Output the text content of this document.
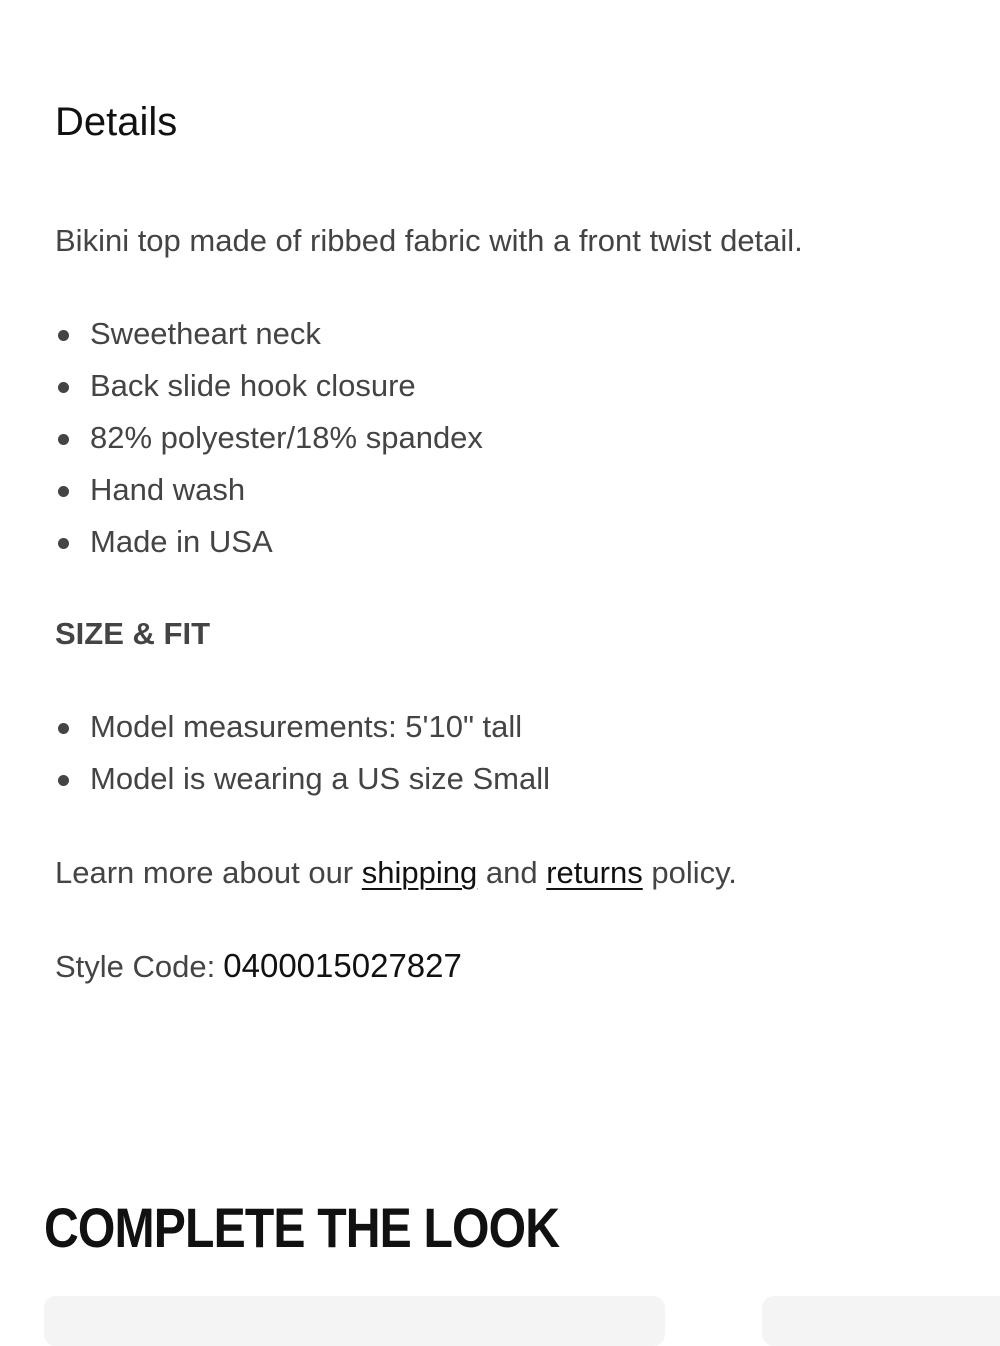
Details

Bikini top made of ribbed fabric with a front twist detail.

Sweetheart neck
Back slide hook closure
82% polyester/18% spandex
Hand wash
Made in USA
SIZE & FIT
Model measurements: 5'10" tall
Model is wearing a US size Small

Learn more about our shipping and returns policy.

Style Code: 0400015027827

COMPLETE THE LOOK
